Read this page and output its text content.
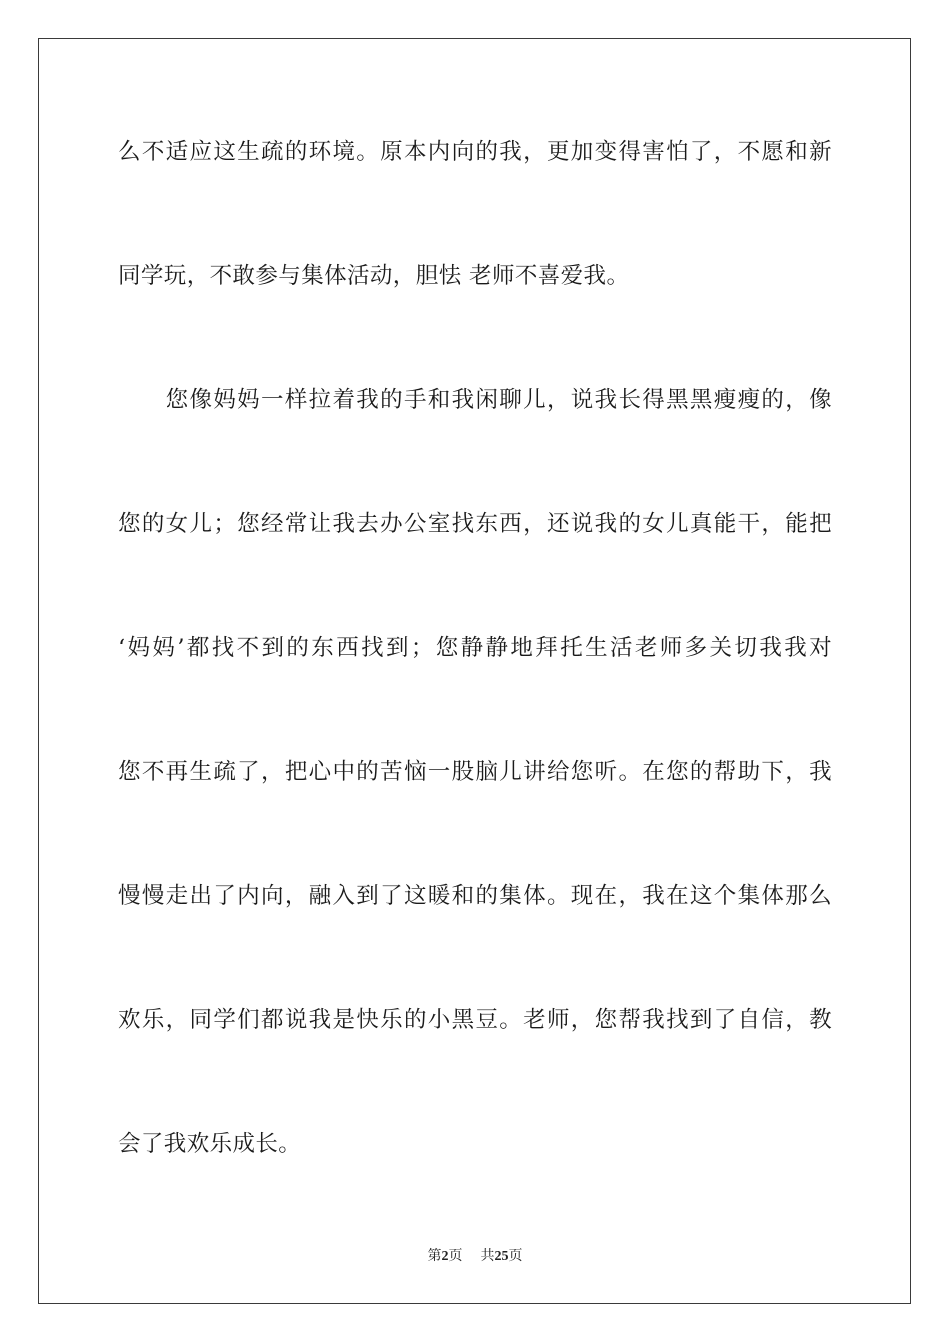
么不适应这生疏的环境。原本内向的我，更加变得害怕了，不愿和新
同学玩，不敢参与集体活动，胆怯 老师不喜爱我。
　　您像妈妈一样拉着我的手和我闲聊儿，说我长得黑黑瘦瘦的，像
您的女儿；您经常让我去办公室找东西，还说我的女儿真能干，能把
‘妈妈’都找不到的东西找到；您静静地拜托生活老师多关切我我对
您不再生疏了，把心中的苦恼一股脑儿讲给您听。在您的帮助下，我
慢慢走出了内向，融入到了这暖和的集体。现在，我在这个集体那么
欢乐，同学们都说我是快乐的小黑豆。老师，您帮我找到了自信，教
会了我欢乐成长。
第2页 共25页
